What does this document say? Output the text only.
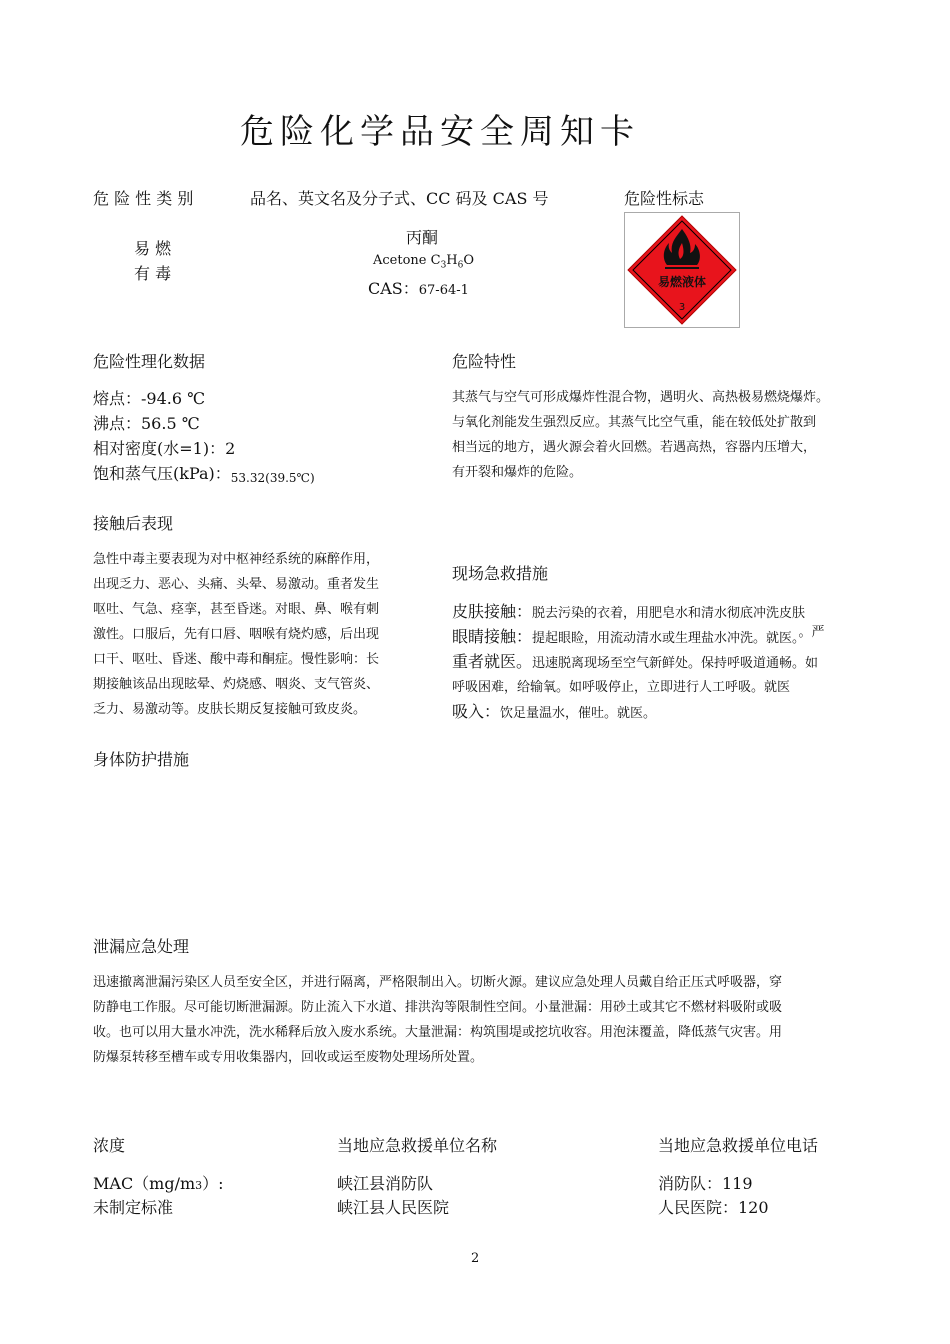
危险化学品安全周知卡
危 险 性 类 别	品名、英文名及分子式、CC 码及 CAS 号	危险性标志
易 燃
有 毒
丙酮
Acetone $C_3H_6O$
CAS：67-64-1
易燃液体
3
危险性理化数据
熔点：-94.6 ℃
沸点：56.5 ℃
相对密度(水=1)：2
饱和蒸气压(kPa)：53.32(39.5℃)
危险特性
其蒸气与空气可形成爆炸性混合物，遇明火、高热极易燃烧爆炸。
与氧化剂能发生强烈反应。其蒸气比空气重，能在较低处扩散到
相当远的地方，遇火源会着火回燃。若遇高热，容器内压增大，
有开裂和爆炸的危险。
接触后表现
急性中毒主要表现为对中枢神经系统的麻醉作用，
出现乏力、恶心、头痛、头晕、易激动。重者发生
呕吐、气急、痉挛，甚至昏迷。对眼、鼻、喉有刺
激性。口服后，先有口唇、咽喉有烧灼感，后出现
口干、呕吐、昏迷、酸中毒和酮症。慢性影响：长
期接触该品出现眩晕、灼烧感、咽炎、支气管炎、
乏力、易激动等。皮肤长期反复接触可致皮炎。
现场急救措施
皮肤接触：脱去污染的衣着，用肥皂水和清水彻底冲洗皮肤
眼睛接触：提起眼睑，用流动清水或生理盐水冲洗。就医。$^{。严}$
重者就医。迅速脱离现场至空气新鲜处。保持呼吸道通畅。如
呼吸困难，给输氧。如呼吸停止，立即进行人工呼吸。就医
吸入：饮足量温水，催吐。就医。
身体防护措施
泄漏应急处理
迅速撤离泄漏污染区人员至安全区，并进行隔离，严格限制出入。切断火源。建议应急处理人员戴自给正压式呼吸器，穿
防静电工作服。尽可能切断泄漏源。防止流入下水道、排洪沟等限制性空间。小量泄漏：用砂土或其它不燃材料吸附或吸
收。也可以用大量水冲洗，洗水稀释后放入废水系统。大量泄漏：构筑围堤或挖坑收容。用泡沫覆盖，降低蒸气灾害。用
防爆泵转移至槽车或专用收集器内，回收或运至废物处理场所处置。
浓度
MAC（mg/m3）:
未制定标准
当地应急救援单位名称
峡江县消防队
峡江县人民医院
当地应急救援单位电话
消防队：119
人民医院：120
2
